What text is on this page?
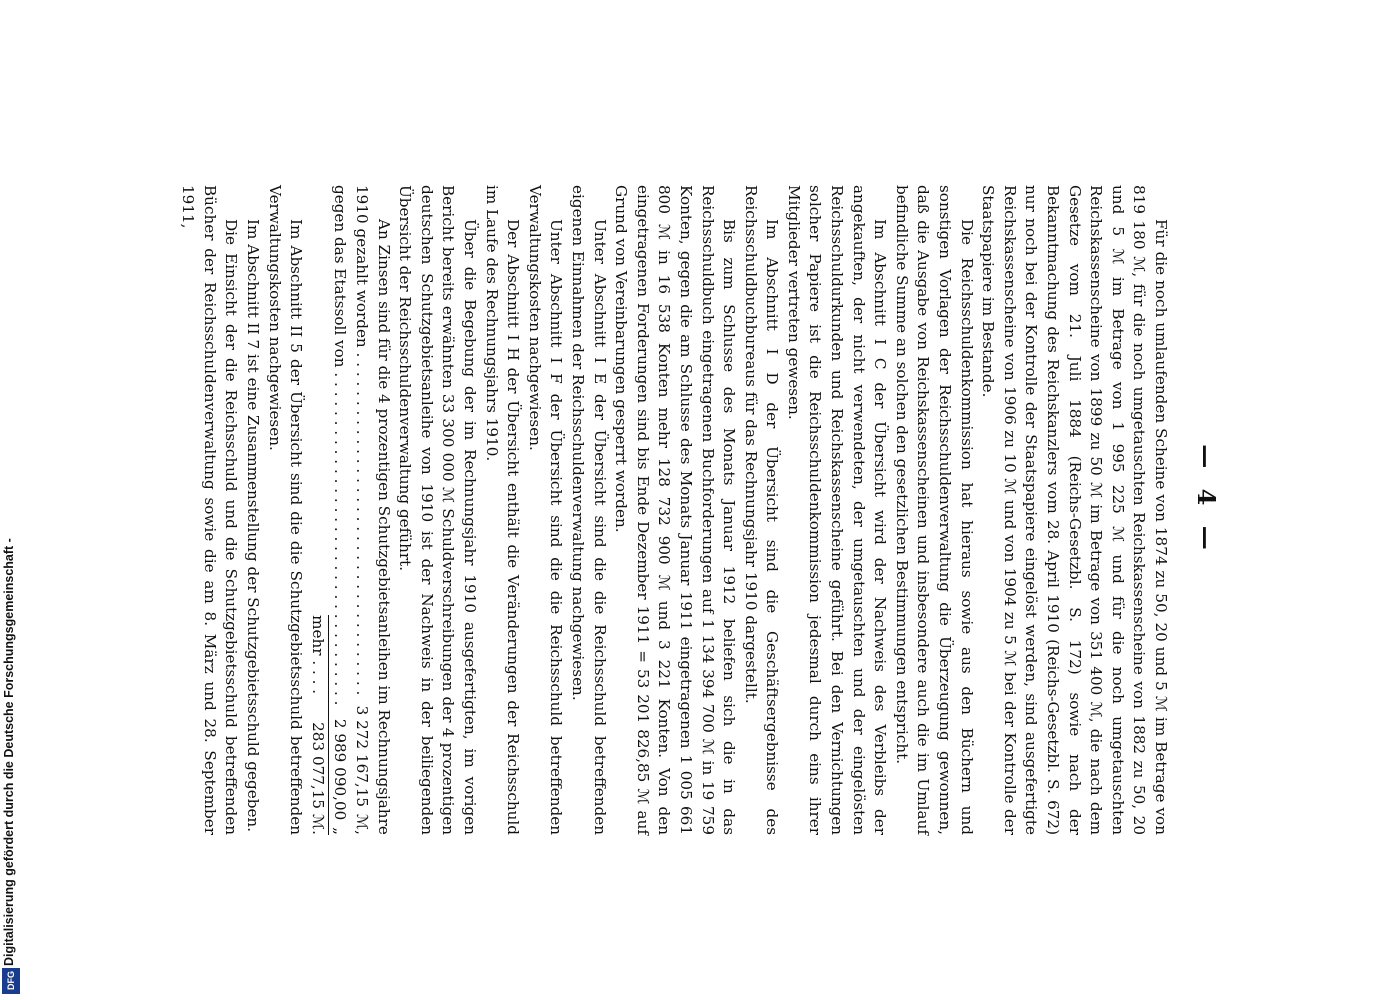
— 4 —

Für die noch umlaufenden Scheine von 1874 zu 50, 20 und 5 ℳ im Betrage von 819 180 ℳ, für die noch umgetauschten Reichskassenscheine von 1882 zu 50, 20 und 5 ℳ im Betrage von 1 995 225 ℳ und für die noch umgetauschten Reichskassenscheine von 1899 zu 50 ℳ im Betrage von 351 400 ℳ, die nach dem Gesetze vom 21. Juli 1884 (Reichs-Gesetzbl. S. 172) sowie nach der Bekanntmachung des Reichskanzlers vom 28. April 1910 (Reichs-Gesetzbl. S. 672) nur noch bei der Kontrolle der Staatspapiere eingelöst werden, sind ausgefertigte Reichskassenscheine von 1906 zu 10 ℳ und von 1904 zu 5 ℳ bei der Kontrolle der Staatspapiere im Bestande.

Die Reichsschuldenkommission hat hieraus sowie aus den Büchern und sonstigen Vorlagen der Reichsschuldenverwaltung die Überzeugung gewonnen, daß die Ausgabe von Reichskassenscheinen und insbesondere auch die im Umlauf befindliche Summe an solchen den gesetzlichen Bestimmungen entspricht.

Im Abschnitt I C der Übersicht wird der Nachweis des Verbleibs der angekauften, der nicht verwendeten, der umgetauschten und der eingelösten Reichsschuldurkunden und Reichskassenscheine geführt. Bei den Vernichtungen solcher Papiere ist die Reichsschuldenkommission jedesmal durch eins ihrer Mitglieder vertreten gewesen.

Im Abschnitt I D der Übersicht sind die Geschäftsergebnisse des Reichsschuldbuchbureaus für das Rechnungsjahr 1910 dargestellt.

Bis zum Schlusse des Monats Januar 1912 beliefen sich die in das Reichsschuldbuch eingetragenen Buchforderungen auf 1 134 394 700 ℳ in 19 759 Konten, gegen die am Schlusse des Monats Januar 1911 eingetragenen 1 005 661 800 ℳ in 16 538 Konten mehr 128 732 900 ℳ und 3 221 Konten. Von den eingetragenen Forderungen sind bis Ende Dezember 1911 = 53 201 826,85 ℳ auf Grund von Vereinbarungen gesperrt worden.

Unter Abschnitt I E der Übersicht sind die die Reichsschuld betreffenden eigenen Einnahmen der Reichsschuldenverwaltung nachgewiesen.

Unter Abschnitt I F der Übersicht sind die die Reichsschuld betreffenden Verwaltungskosten nachgewiesen.

Der Abschnitt I H der Übersicht enthält die Veränderungen der Reichsschuld im Laufe des Rechnungsjahrs 1910.

Über die Begebung der im Rechnungsjahr 1910 ausgefertigten, im vorigen Bericht bereits erwähnten 33 300 000 ℳ Schuldverschreibungen der 4 prozentigen deutschen Schutzgebietsanleihe von 1910 ist der Nachweis in der beiliegenden Übersicht der Reichsschuldenverwaltung geführt.

An Zinsen sind für die 4 prozentigen Schutzgebietsanleihen im Rechnungsjahre

1910 gezahlt worden . . .
3 272 167,15 ℳ,
gegen das Etatssoll von . . .
2 989 090,00 „
mehr . . . .
283 077,15

ℳ.

Im Abschnitt II 5 der Übersicht sind die die Schutzgebietsschuld betreffenden Verwaltungskosten nachgewiesen.

Im Abschnitt II 7 ist eine Zusammenstellung der Schutzgebietsschuld gegeben.

Die Einsicht der die Reichsschuld und die Schutzgebietsschuld betreffenden Bücher der Reichsschuldenverwaltung sowie die am 8. März und 28. September 1911,

Digitalisierung gefördert durch die Deutsche Forschungsgemeinschaft -
DFG
